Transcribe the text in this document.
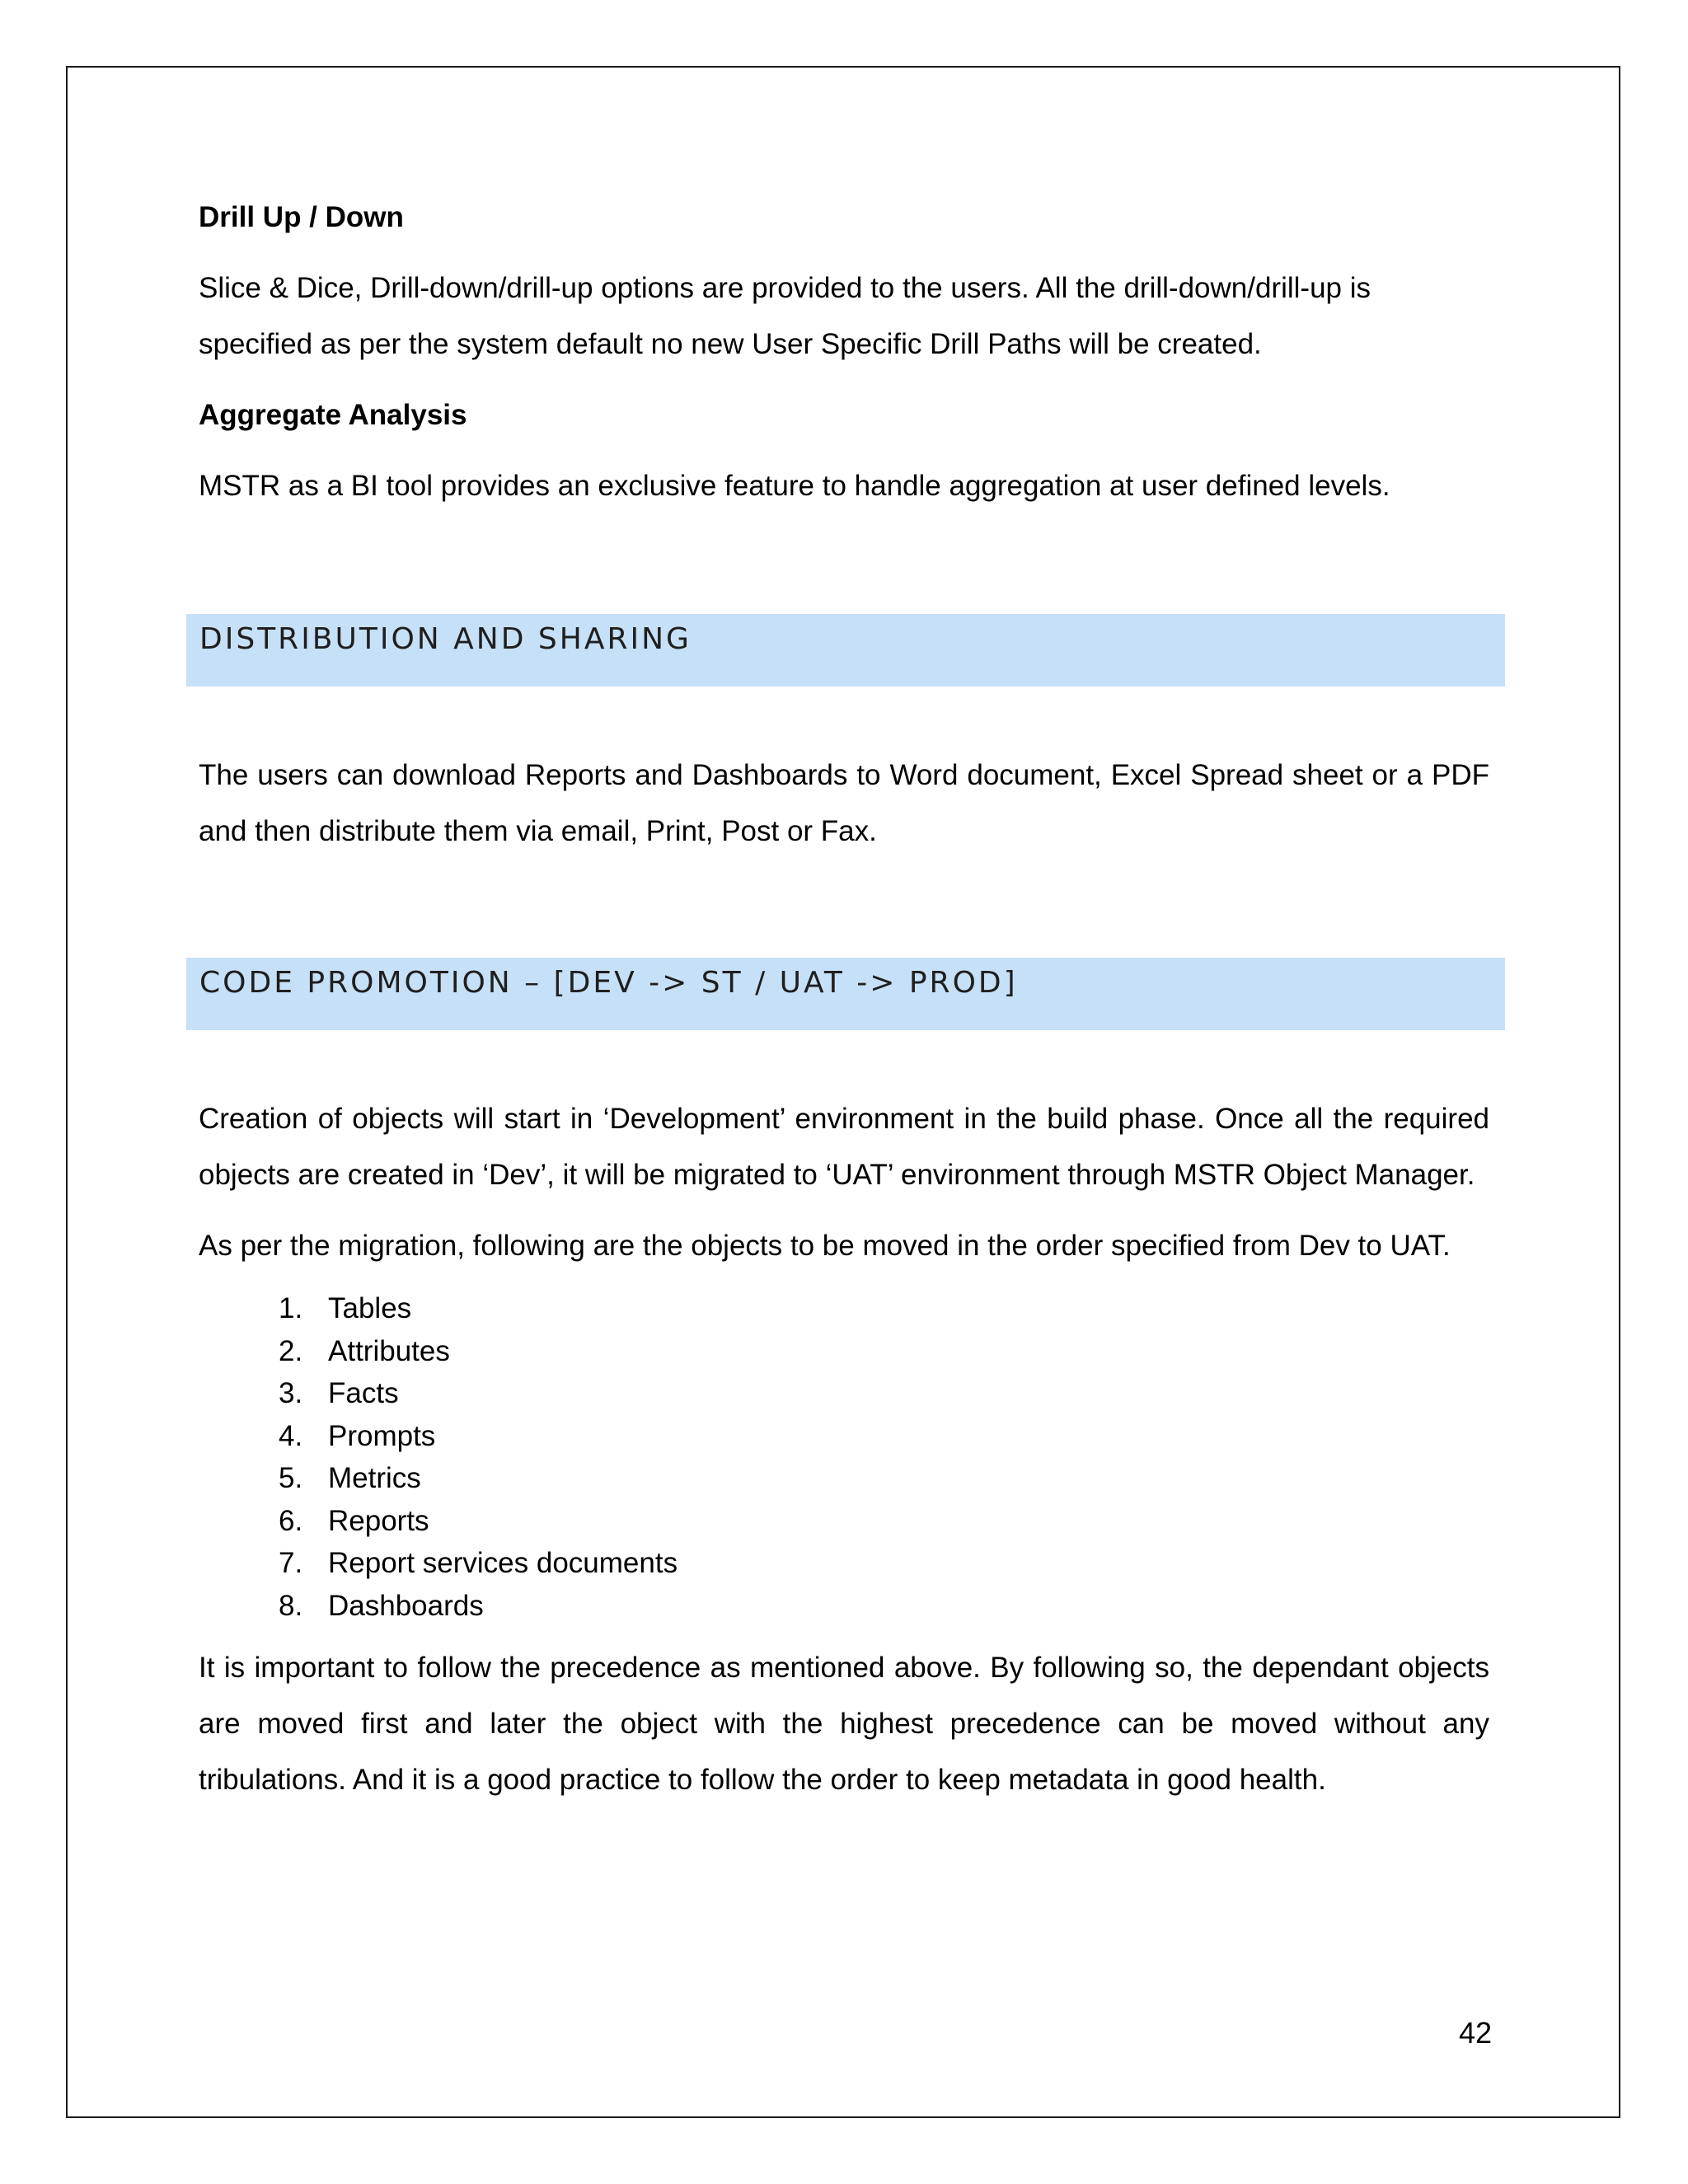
Drill Up / Down

Slice & Dice, Drill-down/drill-up options are provided to the users. All the drill-down/drill-up is specified as per the system default no new User Specific Drill Paths will be created.

Aggregate Analysis

MSTR as a BI tool provides an exclusive feature to handle aggregation at user defined levels.

DISTRIBUTION AND SHARING

The users can download Reports and Dashboards to Word document, Excel Spread sheet or a PDF and then distribute them via email, Print, Post or Fax.

CODE PROMOTION – [DEV -> ST / UAT -> PROD]

Creation of objects will start in ‘Development’ environment in the build phase. Once all the required objects are created in ‘Dev’, it will be migrated to ‘UAT’ environment through MSTR Object Manager.

As per the migration, following are the objects to be moved in the order specified from Dev to UAT.

1. Tables
2. Attributes
3. Facts
4. Prompts
5. Metrics
6. Reports
7. Report services documents
8. Dashboards

It is important to follow the precedence as mentioned above. By following so, the dependant objects are moved first and later the object with the highest precedence can be moved without any tribulations. And it is a good practice to follow the order to keep metadata in good health.

42
